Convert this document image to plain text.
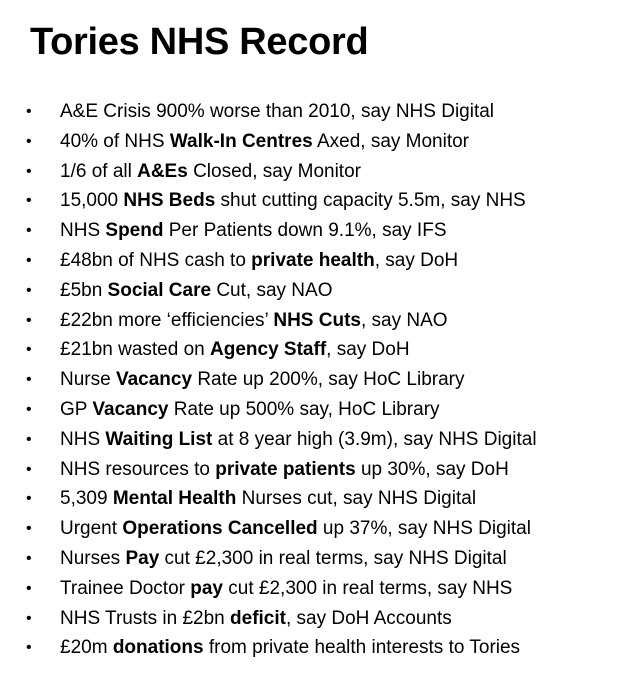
Tories NHS Record
• A&E Crisis 900% worse than 2010, say NHS Digital
• 40% of NHS Walk-In Centres Axed, say Monitor
• 1/6 of all A&Es Closed, say Monitor
• 15,000 NHS Beds shut cutting capacity 5.5m, say NHS
• NHS Spend Per Patients down 9.1%, say IFS
• £48bn of NHS cash to private health, say DoH
• £5bn Social Care Cut, say NAO
• £22bn more ‘efficiencies’ NHS Cuts, say NAO
• £21bn wasted on Agency Staff, say DoH
• Nurse Vacancy Rate up 200%, say HoC Library
• GP Vacancy Rate up 500% say, HoC Library
• NHS Waiting List at 8 year high (3.9m), say NHS Digital
• NHS resources to private patients up 30%, say DoH
• 5,309 Mental Health Nurses cut, say NHS Digital
• Urgent Operations Cancelled up 37%, say NHS Digital
• Nurses Pay cut £2,300 in real terms, say NHS Digital
• Trainee Doctor pay cut £2,300 in real terms, say NHS
• NHS Trusts in £2bn deficit, say DoH Accounts
• £20m donations from private health interests to Tories
